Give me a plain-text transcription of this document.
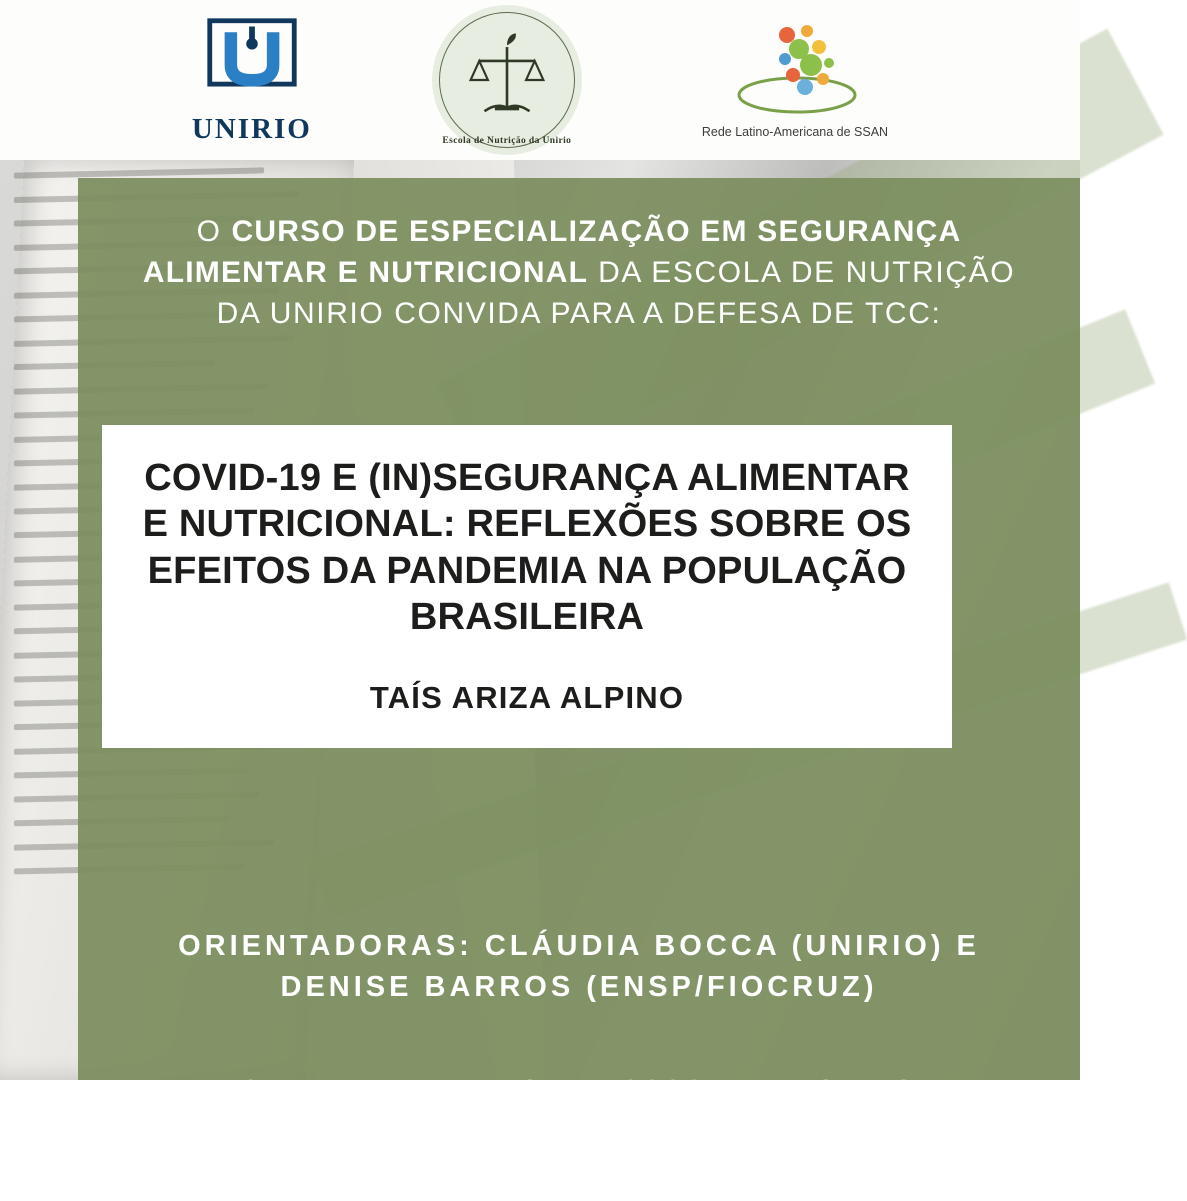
UNIRIO	Escola de Nutrição da Unirio
Rede Latino-Americana de SSAN
O CURSO DE ESPECIALIZAÇÃO EM SEGURANÇA ALIMENTAR E NUTRICIONAL DA ESCOLA DE NUTRIÇÃO DA UNIRIO CONVIDA PARA A DEFESA DE TCC:
COVID-19 E (IN)SEGURANÇA ALIMENTAR E NUTRICIONAL: REFLEXÕES SOBRE OS EFEITOS DA PANDEMIA NA POPULAÇÃO BRASILEIRA
TAÍS ARIZA ALPINO
ORIENTADORAS: CLÁUDIA BOCCA (UNIRIO) E DENISE BARROS (ENSP/FIOCRUZ)
18 DE DEZEMBRO DE 2020, 14 HORAS
LINK DE ACESSO:
MEET.GOOGLE.COM/ZRZ-WSXJ-VOT
